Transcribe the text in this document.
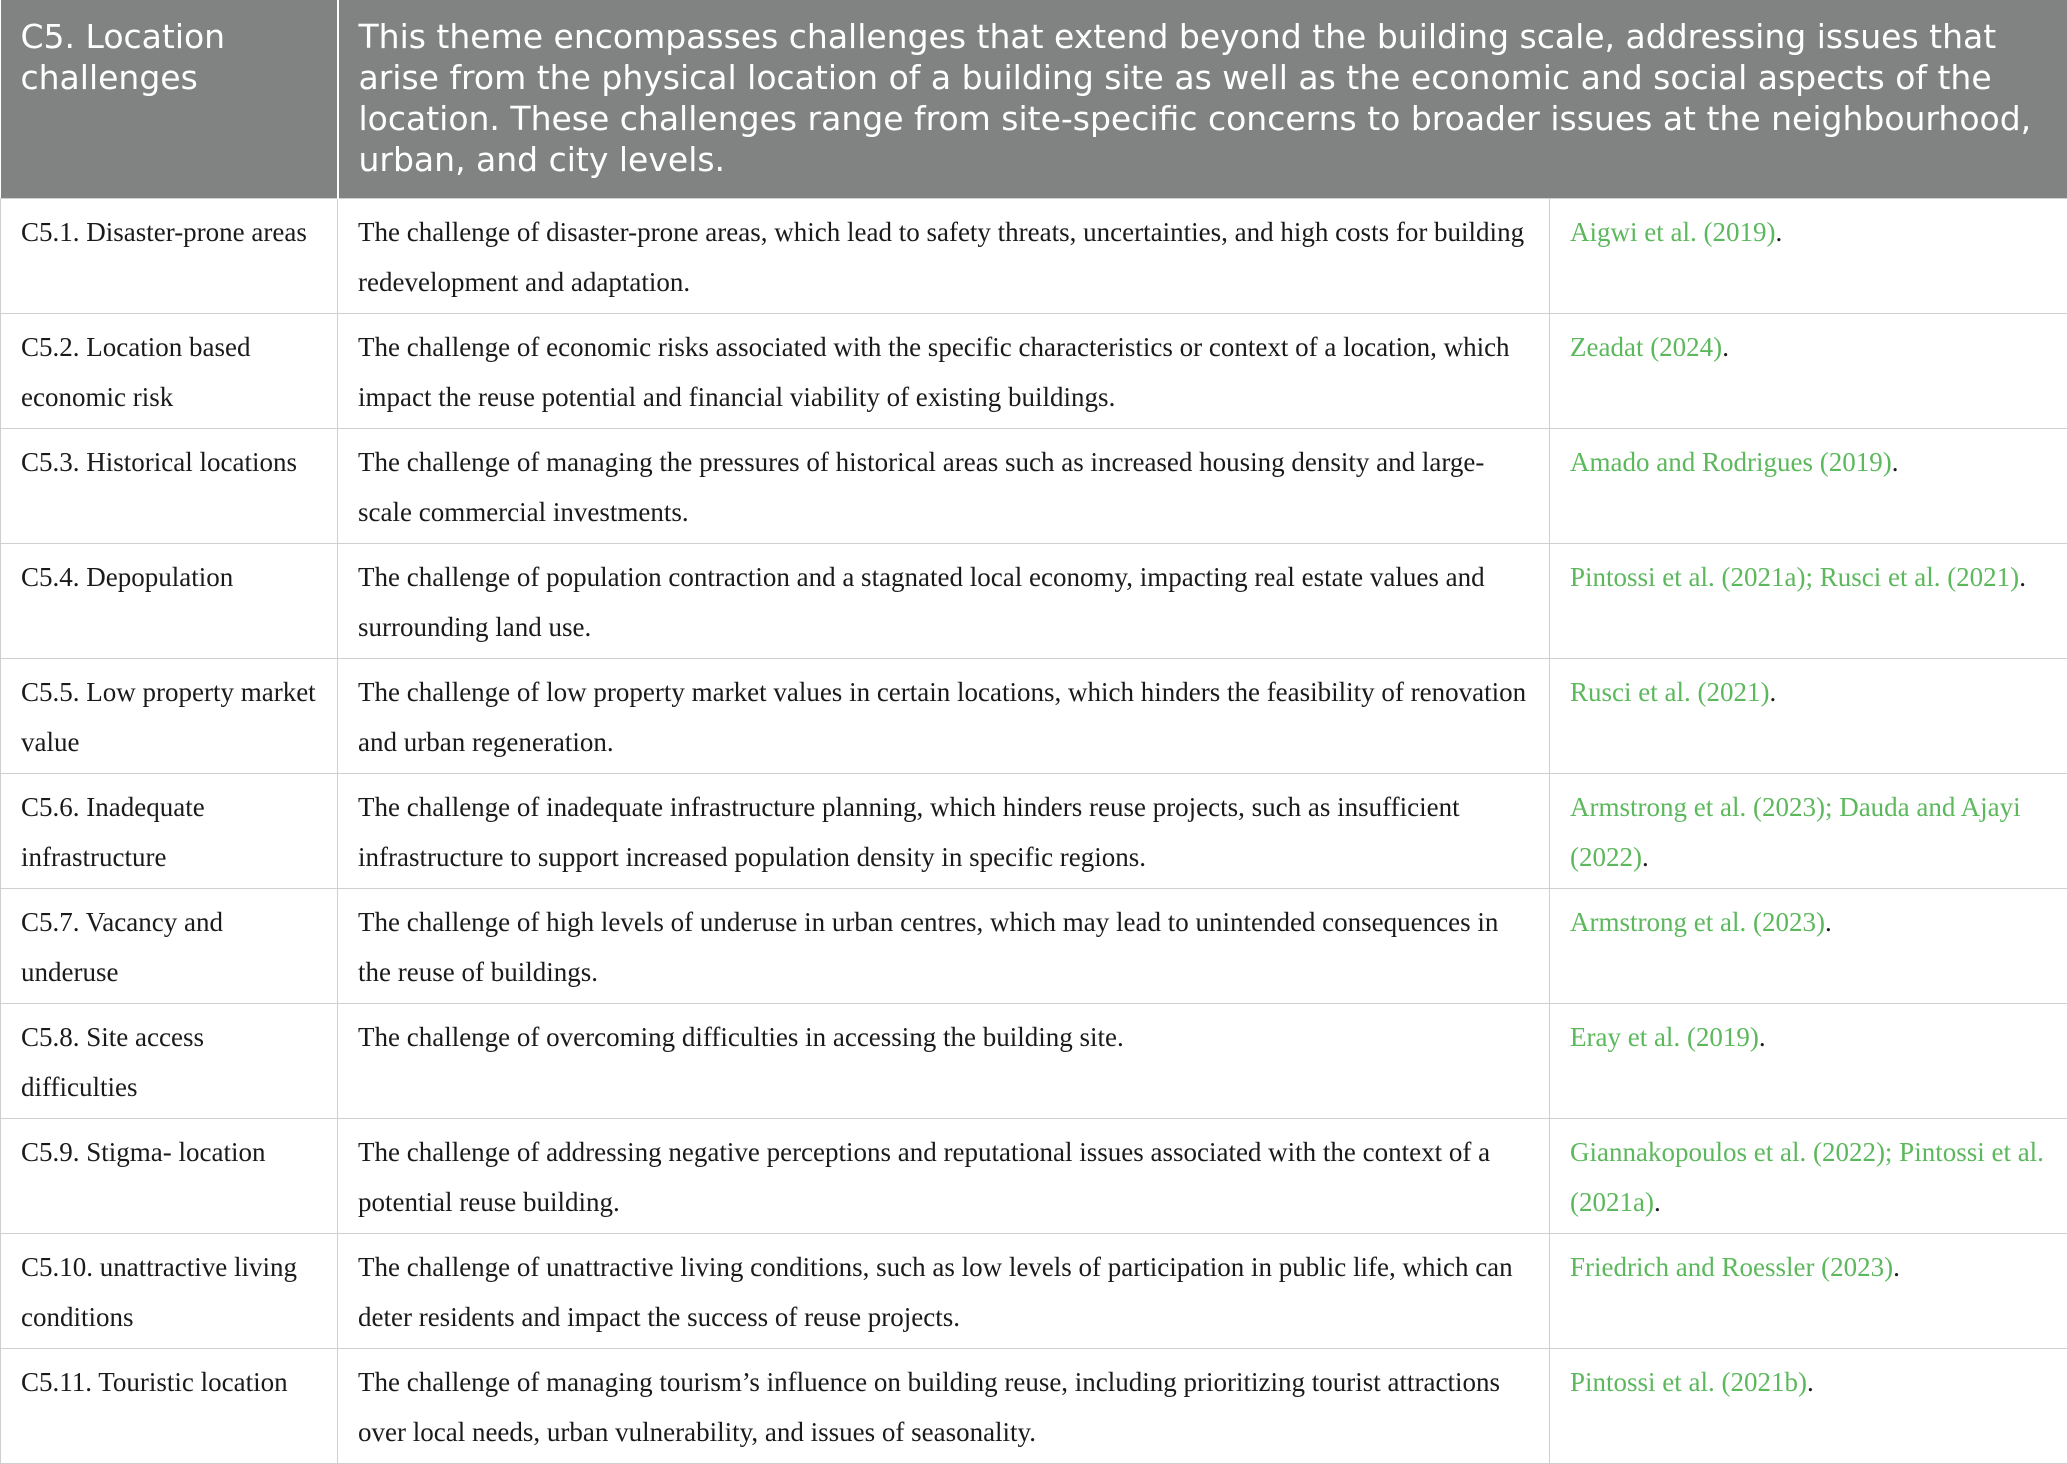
C5. Location challenges	This theme encompasses challenges that extend beyond the building scale, addressing issues that arise from the physical location of a building site as well as the economic and social aspects of the location. These challenges range from site-specific concerns to broader issues at the neighbourhood, urban, and city levels.	
C5.1. Disaster-prone areas	The challenge of disaster-prone areas, which lead to safety threats, uncertainties, and high costs for building redevelopment and adaptation.	Aigwi et al. (2019).
C5.2. Location based economic risk	The challenge of economic risks associated with the specific characteristics or context of a location, which impact the reuse potential and financial viability of existing buildings.	Zeadat (2024).
C5.3. Historical locations	The challenge of managing the pressures of historical areas such as increased housing density and large-scale commercial investments.	Amado and Rodrigues (2019).
C5.4. Depopulation	The challenge of population contraction and a stagnated local economy, impacting real estate values and surrounding land use.	Pintossi et al. (2021a); Rusci et al. (2021).
C5.5. Low property market value	The challenge of low property market values in certain locations, which hinders the feasibility of renovation and urban regeneration.	Rusci et al. (2021).
C5.6. Inadequate infrastructure	The challenge of inadequate infrastructure planning, which hinders reuse projects, such as insufficient infrastructure to support increased population density in specific regions.	Armstrong et al. (2023); Dauda and Ajayi (2022).
C5.7. Vacancy and underuse	The challenge of high levels of underuse in urban centres, which may lead to unintended consequences in the reuse of buildings.	Armstrong et al. (2023).
C5.8. Site access difficulties	The challenge of overcoming difficulties in accessing the building site.	Eray et al. (2019).
C5.9. Stigma- location	The challenge of addressing negative perceptions and reputational issues associated with the context of a potential reuse building.	Giannakopoulos et al. (2022); Pintossi et al. (2021a).
C5.10. unattractive living conditions	The challenge of unattractive living conditions, such as low levels of participation in public life, which can deter residents and impact the success of reuse projects.	Friedrich and Roessler (2023).
C5.11. Touristic location	The challenge of managing tourism’s influence on building reuse, including prioritizing tourist attractions over local needs, urban vulnerability, and issues of seasonality.	Pintossi et al. (2021b).
